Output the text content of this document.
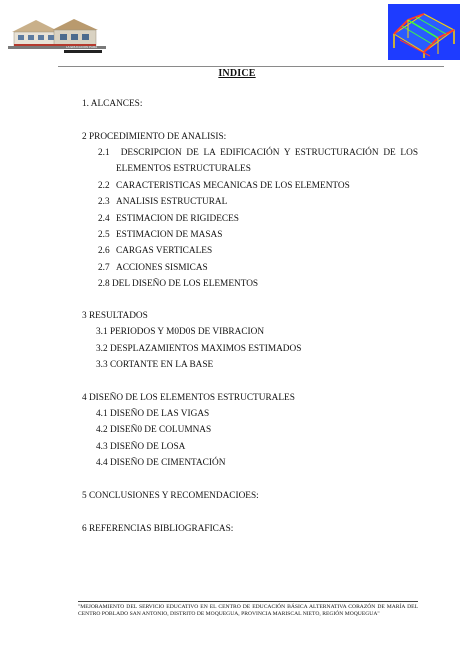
LA EDUCACION PARA
INDICE
1. ALCANCES:
2 PROCEDIMIENTO DE ANALISIS:
2.1 DESCRIPCION DE LA EDIFICACIÓN Y ESTRUCTURACIÓN DE LOS
ELEMENTOS ESTRUCTURALES
2.2 CARACTERISTICAS MECANICAS DE LOS ELEMENTOS
2.3 ANALISIS ESTRUCTURAL
2.4 ESTIMACION DE RIGIDECES
2.5 ESTIMACION DE MASAS
2.6 CARGAS VERTICALES
2.7 ACCIONES SISMICAS
2.8 DEL DISEÑO DE LOS ELEMENTOS
3 RESULTADOS
3.1 PERIODOS Y M0D0S DE VIBRACION
3.2 DESPLAZAMIENTOS MAXIMOS ESTIMADOS
3.3 CORTANTE EN LA BASE
4 DISEÑO DE LOS ELEMENTOS ESTRUCTURALES
4.1 DISEÑO DE LAS VIGAS
4.2 DISEÑ0 DE COLUMNAS
4.3 DISEÑO DE LOSA
4.4 DISEÑO DE CIMENTACIÓN
5 CONCLUSIONES Y RECOMENDACIOES:
6 REFERENCIAS BIBLIOGRAFICAS:
"MEJORAMIENTO DEL SERVICIO EDUCATIVO EN EL CENTRO DE EDUCACIÓN BÁSICA ALTERNATIVA CORAZÓN DE MARÍA DEL CENTRO POBLADO SAN ANTONIO, DISTRITO DE MOQUEGUA, PROVINCIA MARISCAL NIETO, REGIÓN MOQUEGUA"
